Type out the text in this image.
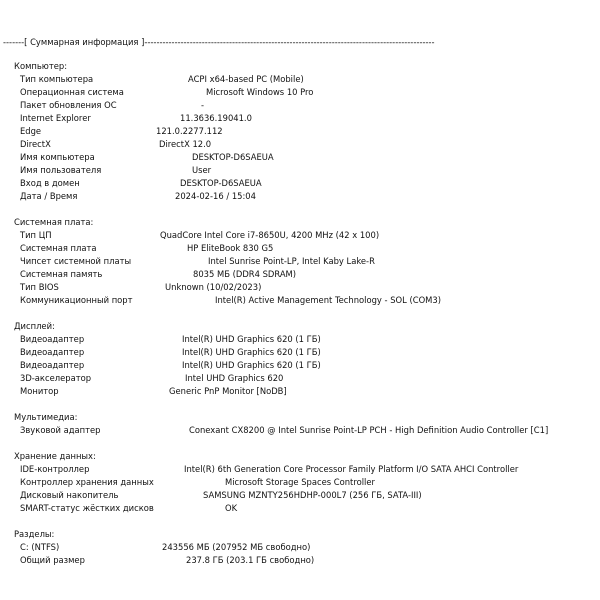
-------[ Суммарная информация ]------------------------------------------------------------------------------------------------
Компьютер:
Тип компьютера	ACPI x64-based PC (Mobile)
Операционная система	Microsoft Windows 10 Pro
Пакет обновления ОС	-
Internet Explorer	11.3636.19041.0
Edge	121.0.2277.112
DirectX	DirectX 12.0
Имя компьютера	DESKTOP-D6SAEUA
Имя пользователя	User
Вход в домен	DESKTOP-D6SAEUA
Дата / Время	2024-02-16 / 15:04
Системная плата:
Тип ЦП	QuadCore Intel Core i7-8650U, 4200 MHz (42 x 100)
Системная плата	HP EliteBook 830 G5
Чипсет системной платы	Intel Sunrise Point-LP, Intel Kaby Lake-R
Системная память	8035 МБ (DDR4 SDRAM)
Тип BIOS	Unknown (10/02/2023)
Коммуникационный порт	Intel(R) Active Management Technology - SOL (COM3)
Дисплей:
Видеоадаптер	Intel(R) UHD Graphics 620 (1 ГБ)
Видеоадаптер	Intel(R) UHD Graphics 620 (1 ГБ)
Видеоадаптер	Intel(R) UHD Graphics 620 (1 ГБ)
3D-акселератор	Intel UHD Graphics 620
Монитор	Generic PnP Monitor [NoDB]
Мультимедиа:
Звуковой адаптер	Conexant CX8200 @ Intel Sunrise Point-LP PCH - High Definition Audio Controller [C1]
Хранение данных:
IDE-контроллер	Intel(R) 6th Generation Core Processor Family Platform I/O SATA AHCI Controller
Контроллер хранения данных	Microsoft Storage Spaces Controller
Дисковый накопитель	SAMSUNG MZNTY256HDHP-000L7 (256 ГБ, SATA-III)
SMART-статус жёстких дисков	OK
Разделы:
C: (NTFS)	243556 МБ (207952 МБ свободно)
Общий размер	237.8 ГБ (203.1 ГБ свободно)
